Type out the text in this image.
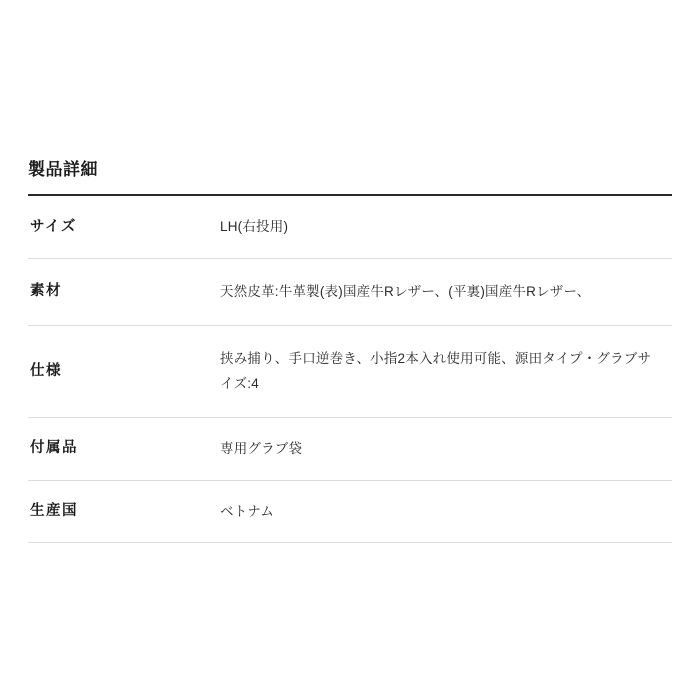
製品詳細
サイズ	LH(右投用)
素材	天然皮革:牛革製(表)国産牛Rレザー、(平裏)国産牛Rレザー、
仕様	挟み捕り、手口逆巻き、小指2本入れ使用可能、源田タイプ・グラブサイズ:4
付属品	専用グラブ袋
生産国	ベトナム
